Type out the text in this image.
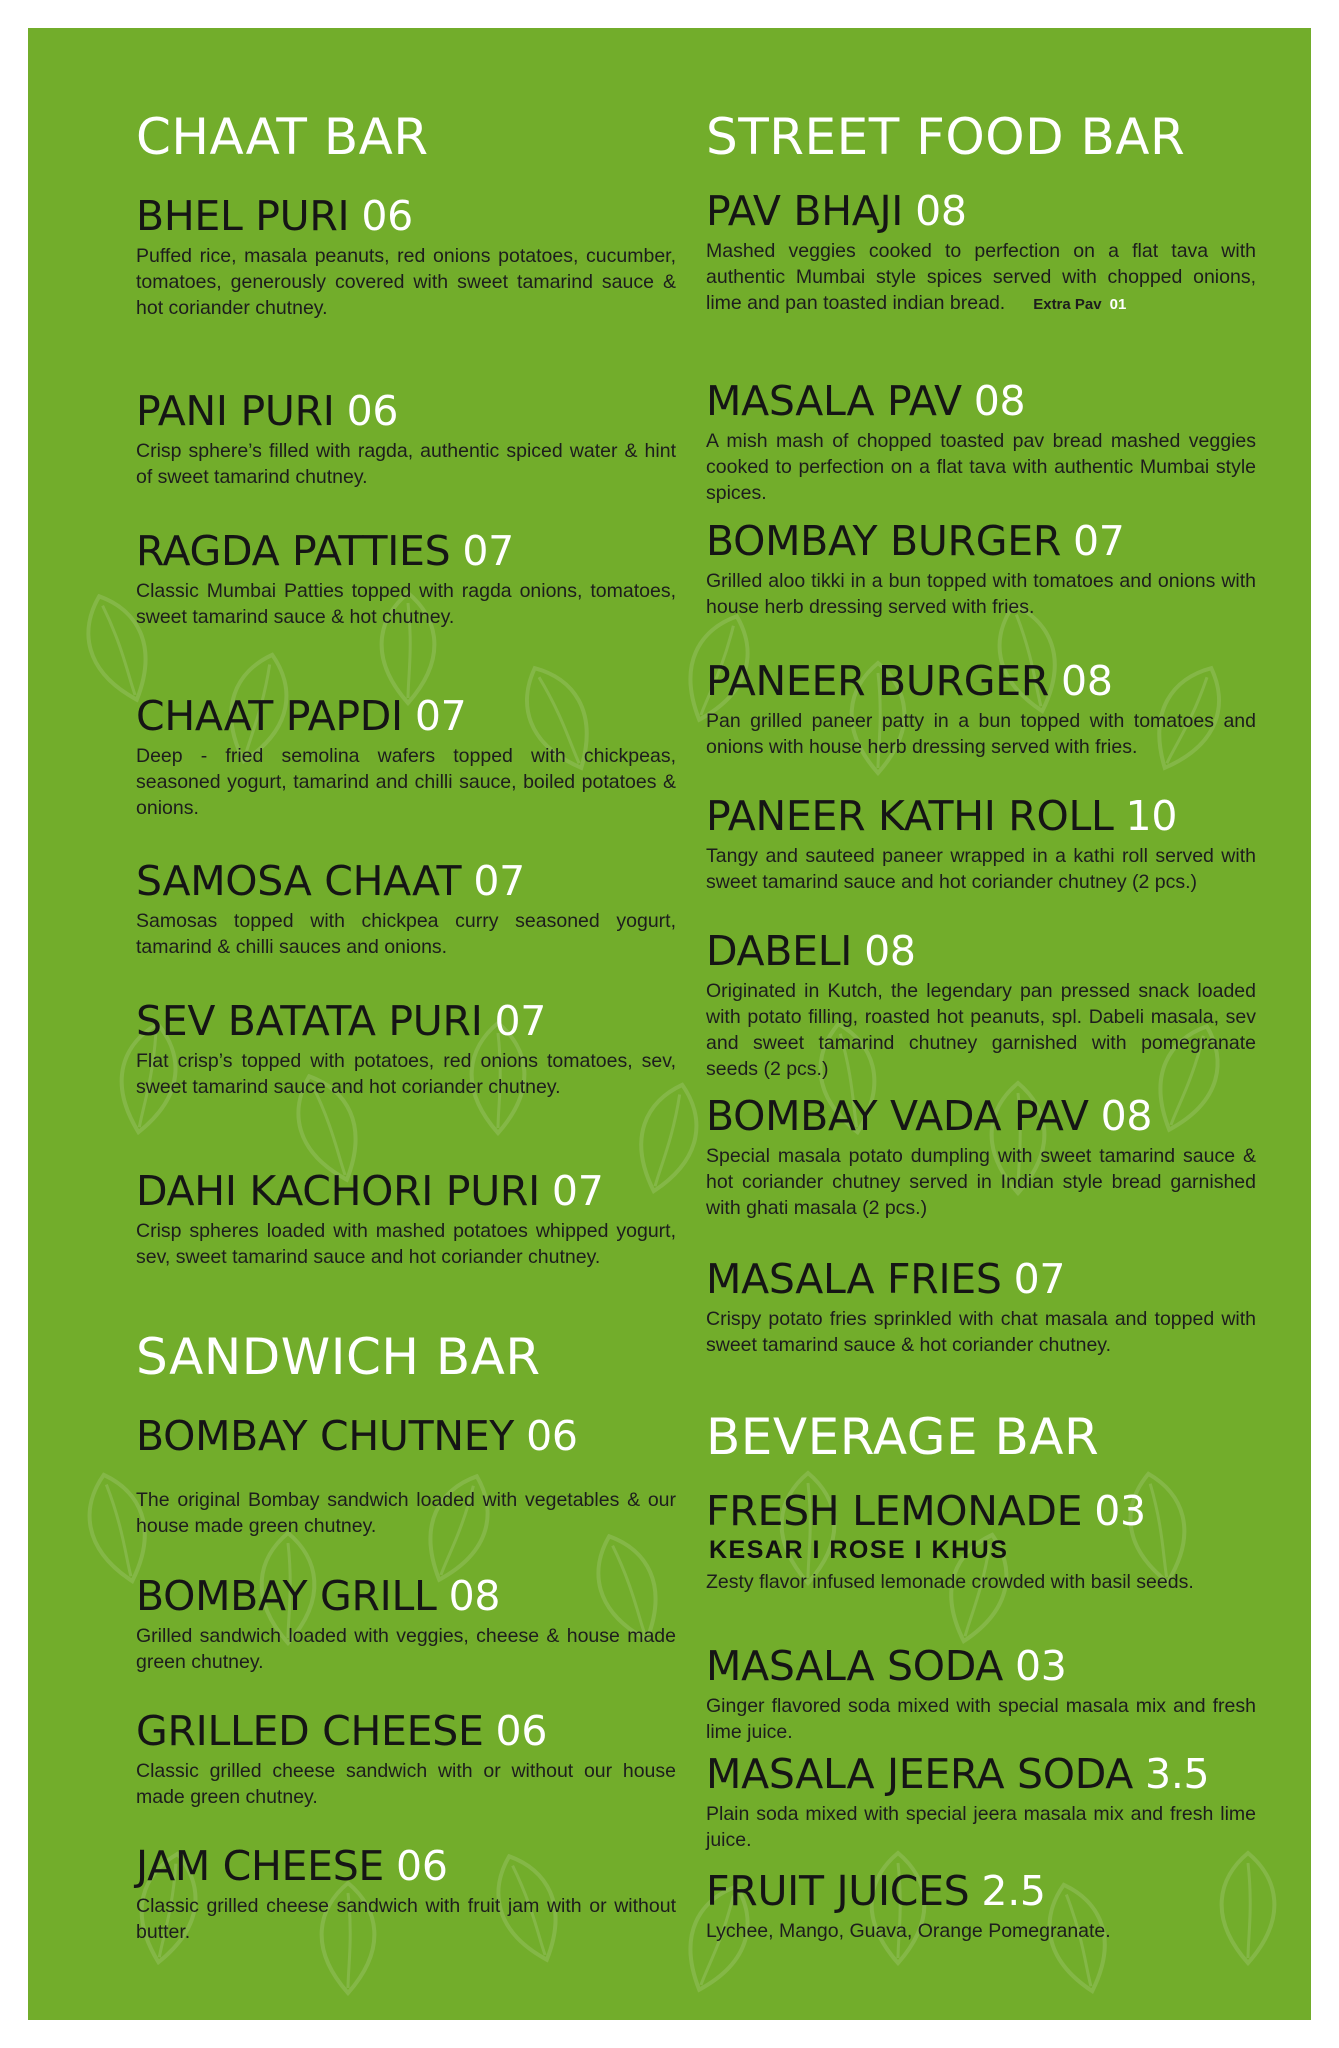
CHAAT BAR
BHEL PURI 06
Puffed rice, masala peanuts, red onions potatoes, cucumber, tomatoes, generously covered with sweet tamarind sauce & hot coriander chutney.
PANI PURI 06
Crisp sphere’s filled with ragda, authentic spiced water & hint of sweet tamarind chutney.
RAGDA PATTIES 07
Classic Mumbai Patties topped with ragda onions, tomatoes, sweet tamarind sauce & hot chutney.
CHAAT PAPDI 07
Deep - fried semolina wafers topped with chickpeas, seasoned yogurt, tamarind and chilli sauce, boiled potatoes & onions.
SAMOSA CHAAT 07
Samosas topped with chickpea curry seasoned yogurt, tamarind & chilli sauces and onions.
SEV BATATA PURI 07
Flat crisp’s topped with potatoes, red onions tomatoes, sev, sweet tamarind sauce and hot coriander chutney.
DAHI KACHORI PURI 07
Crisp spheres loaded with mashed potatoes whipped yogurt, sev, sweet tamarind sauce and hot coriander chutney.
SANDWICH BAR
BOMBAY CHUTNEY 06
The original Bombay sandwich loaded with vegetables & our house made green chutney.
BOMBAY GRILL 08
Grilled sandwich loaded with veggies, cheese & house made green chutney.
GRILLED CHEESE 06
Classic grilled cheese sandwich with or without our house made green chutney.
JAM CHEESE 06
Classic grilled cheese sandwich with fruit jam with or without butter.
STREET FOOD BAR
PAV BHAJI 08
Mashed veggies cooked to perfection on a flat tava with authentic Mumbai style spices served with chopped onions, lime and pan toasted indian bread. Extra Pav 01
MASALA PAV 08
A mish mash of chopped toasted pav bread mashed veggies cooked to perfection on a flat tava with authentic Mumbai style spices.
BOMBAY BURGER 07
Grilled aloo tikki in a bun topped with tomatoes and onions with house herb dressing served with fries.
PANEER BURGER 08
Pan grilled paneer patty in a bun topped with tomatoes and onions with house herb dressing served with fries.
PANEER KATHI ROLL 10
Tangy and sauteed paneer wrapped in a kathi roll served with sweet tamarind sauce and hot coriander chutney (2 pcs.)
DABELI 08
Originated in Kutch, the legendary pan pressed snack loaded with potato filling, roasted hot peanuts, spl. Dabeli masala, sev and sweet tamarind chutney garnished with pomegranate seeds (2 pcs.)
BOMBAY VADA PAV 08
Special masala potato dumpling with sweet tamarind sauce & hot coriander chutney served in Indian style bread garnished with ghati masala (2 pcs.)
MASALA FRIES 07
Crispy potato fries sprinkled with chat masala and topped with sweet tamarind sauce & hot coriander chutney.
BEVERAGE BAR
FRESH LEMONADE 03
KESAR I ROSE I KHUS
Zesty flavor infused lemonade crowded with basil seeds.
MASALA SODA 03
Ginger flavored soda mixed with special masala mix and fresh lime juice.
MASALA JEERA SODA 3.5
Plain soda mixed with special jeera masala mix and fresh lime juice.
FRUIT JUICES 2.5
Lychee, Mango, Guava, Orange Pomegranate.
